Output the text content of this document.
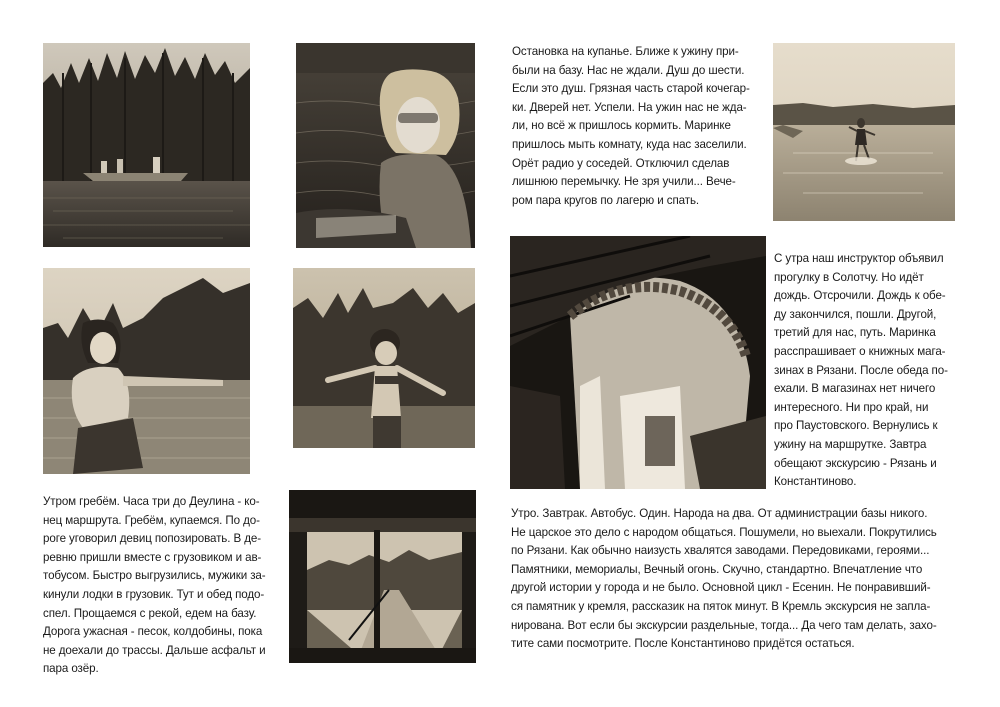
Остановка на купанье. Ближе к ужину при-
были на базу. Нас не ждали. Душ до шести.
Если это душ. Грязная часть старой кочегар-
ки. Дверей нет. Успели. На ужин нас не ждa-
ли, но всё ж пришлось кормить. Маринке
пришлось мыть комнату, куда нас заселили.
Орёт радио у соседей. Отключил сделав
лишнюю перемычку. Не зря учили... Вече-
ром пара кругов по лагерю и спать.
С утра наш инструктор объявил
прогулку в Солотчу. Но идёт
дождь. Отсрочили. Дождь к обе-
ду закончился, пошли. Другой,
третий для нас, путь. Маринка
расспрашивает о книжных мага-
зинах в Рязани. После обеда по-
ехали. В магазинах нет ничего
интересного. Ни про край, ни
про Паустовского. Вернулись к
ужину на маршрутке. Завтра
обещают экскурсию - Рязань и
Константиново.
Утром гребём. Часа три до Деулина - ко-
нец маршрута. Гребём, купаемся. По до-
роге уговорил девиц попозировать. В де-
ревню пришли вместе с грузовиком и ав-
тобусом. Быстро выгрузились, мужики за-
кинули лодки в грузовик. Тут и обед подо-
спел. Прощаемся с рекой, едем на базу.
Дорога ужасная - песок, колдобины, пока
не доехали до трассы. Дальше асфальт и
пара озёр.
Утро. Завтрак. Автобус. Один. Народа на два. От администрации базы никого.
Не царское это дело с народом общаться. Пошумели, но выехали. Покрутились
по Рязани. Как обычно наизусть хвалятся заводами. Передовиками, героями...
Памятники, мемориалы, Вечный огонь. Скучно, стандартно. Впечатление что
другой истории у города и не было. Основной цикл - Есенин. Не понравивший-
ся памятник у кремля, рассказик на пяток минут. В Кремль экскурсия не запла-
нирована. Вот если бы экскурсии раздельные, тогда... Да чего там делать, захо-
тите сами посмотрите. После Константиново придётся остаться.
